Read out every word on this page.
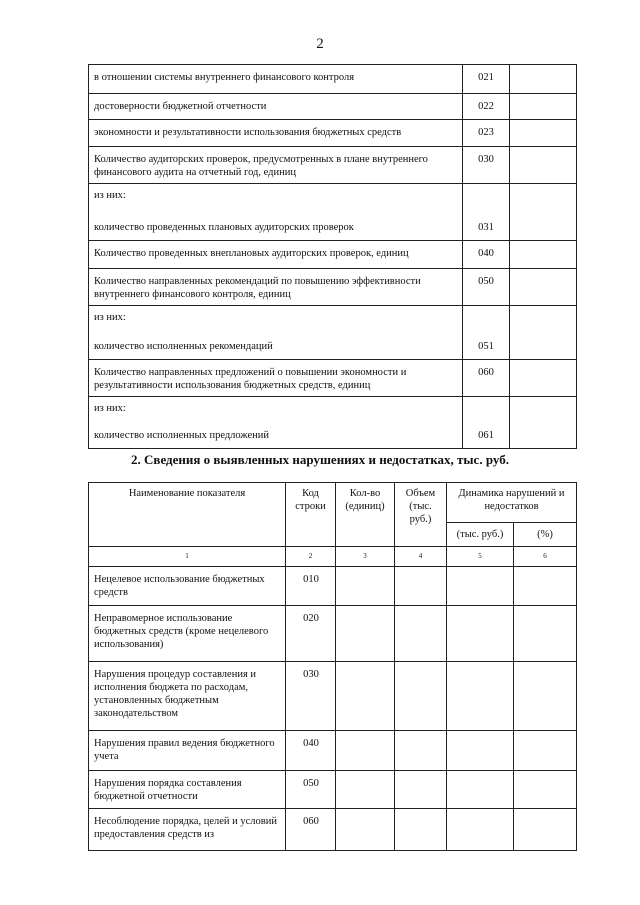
2
в отношении системы внутреннего финансового контроля	021	
достоверности бюджетной отчетности	022	
экономности и результативности использования бюджетных средств	023	
Количество аудиторских проверок, предусмотренных в плане внутреннего финансового аудита на отчетный год, единиц	030	
из них:		
количество проведенных плановых аудиторских проверок	031	
Количество проведенных внеплановых аудиторских проверок, единиц	040	
Количество направленных рекомендаций по повышению эффективности внутреннего финансового контроля, единиц	050	
из них:		
количество исполненных рекомендаций	051	
Количество направленных предложений о повышении экономности и результативности использования бюджетных средств, единиц	060	
из них:		
количество исполненных предложений	061	
2. Сведения о выявленных нарушениях и недостатках, тыс. руб.
Наименование показателя	Код строки	Кол-во (единиц)	Объем (тыс. руб.)	Динамика нарушений и недостатков	
				(тыс. руб.)	(%)
1	2	3	4	5	6
Нецелевое использование бюджетных средств	010				
Неправомерное использование бюджетных средств (кроме нецелевого использования)	020				
Нарушения процедур составления и исполнения бюджета по расходам, установленных бюджетным законодательством	030				
Нарушения правил ведения бюджетного учета	040				
Нарушения порядка составления бюджетной отчетности	050				
Несоблюдение порядка, целей и условий предоставления средств из	060				
